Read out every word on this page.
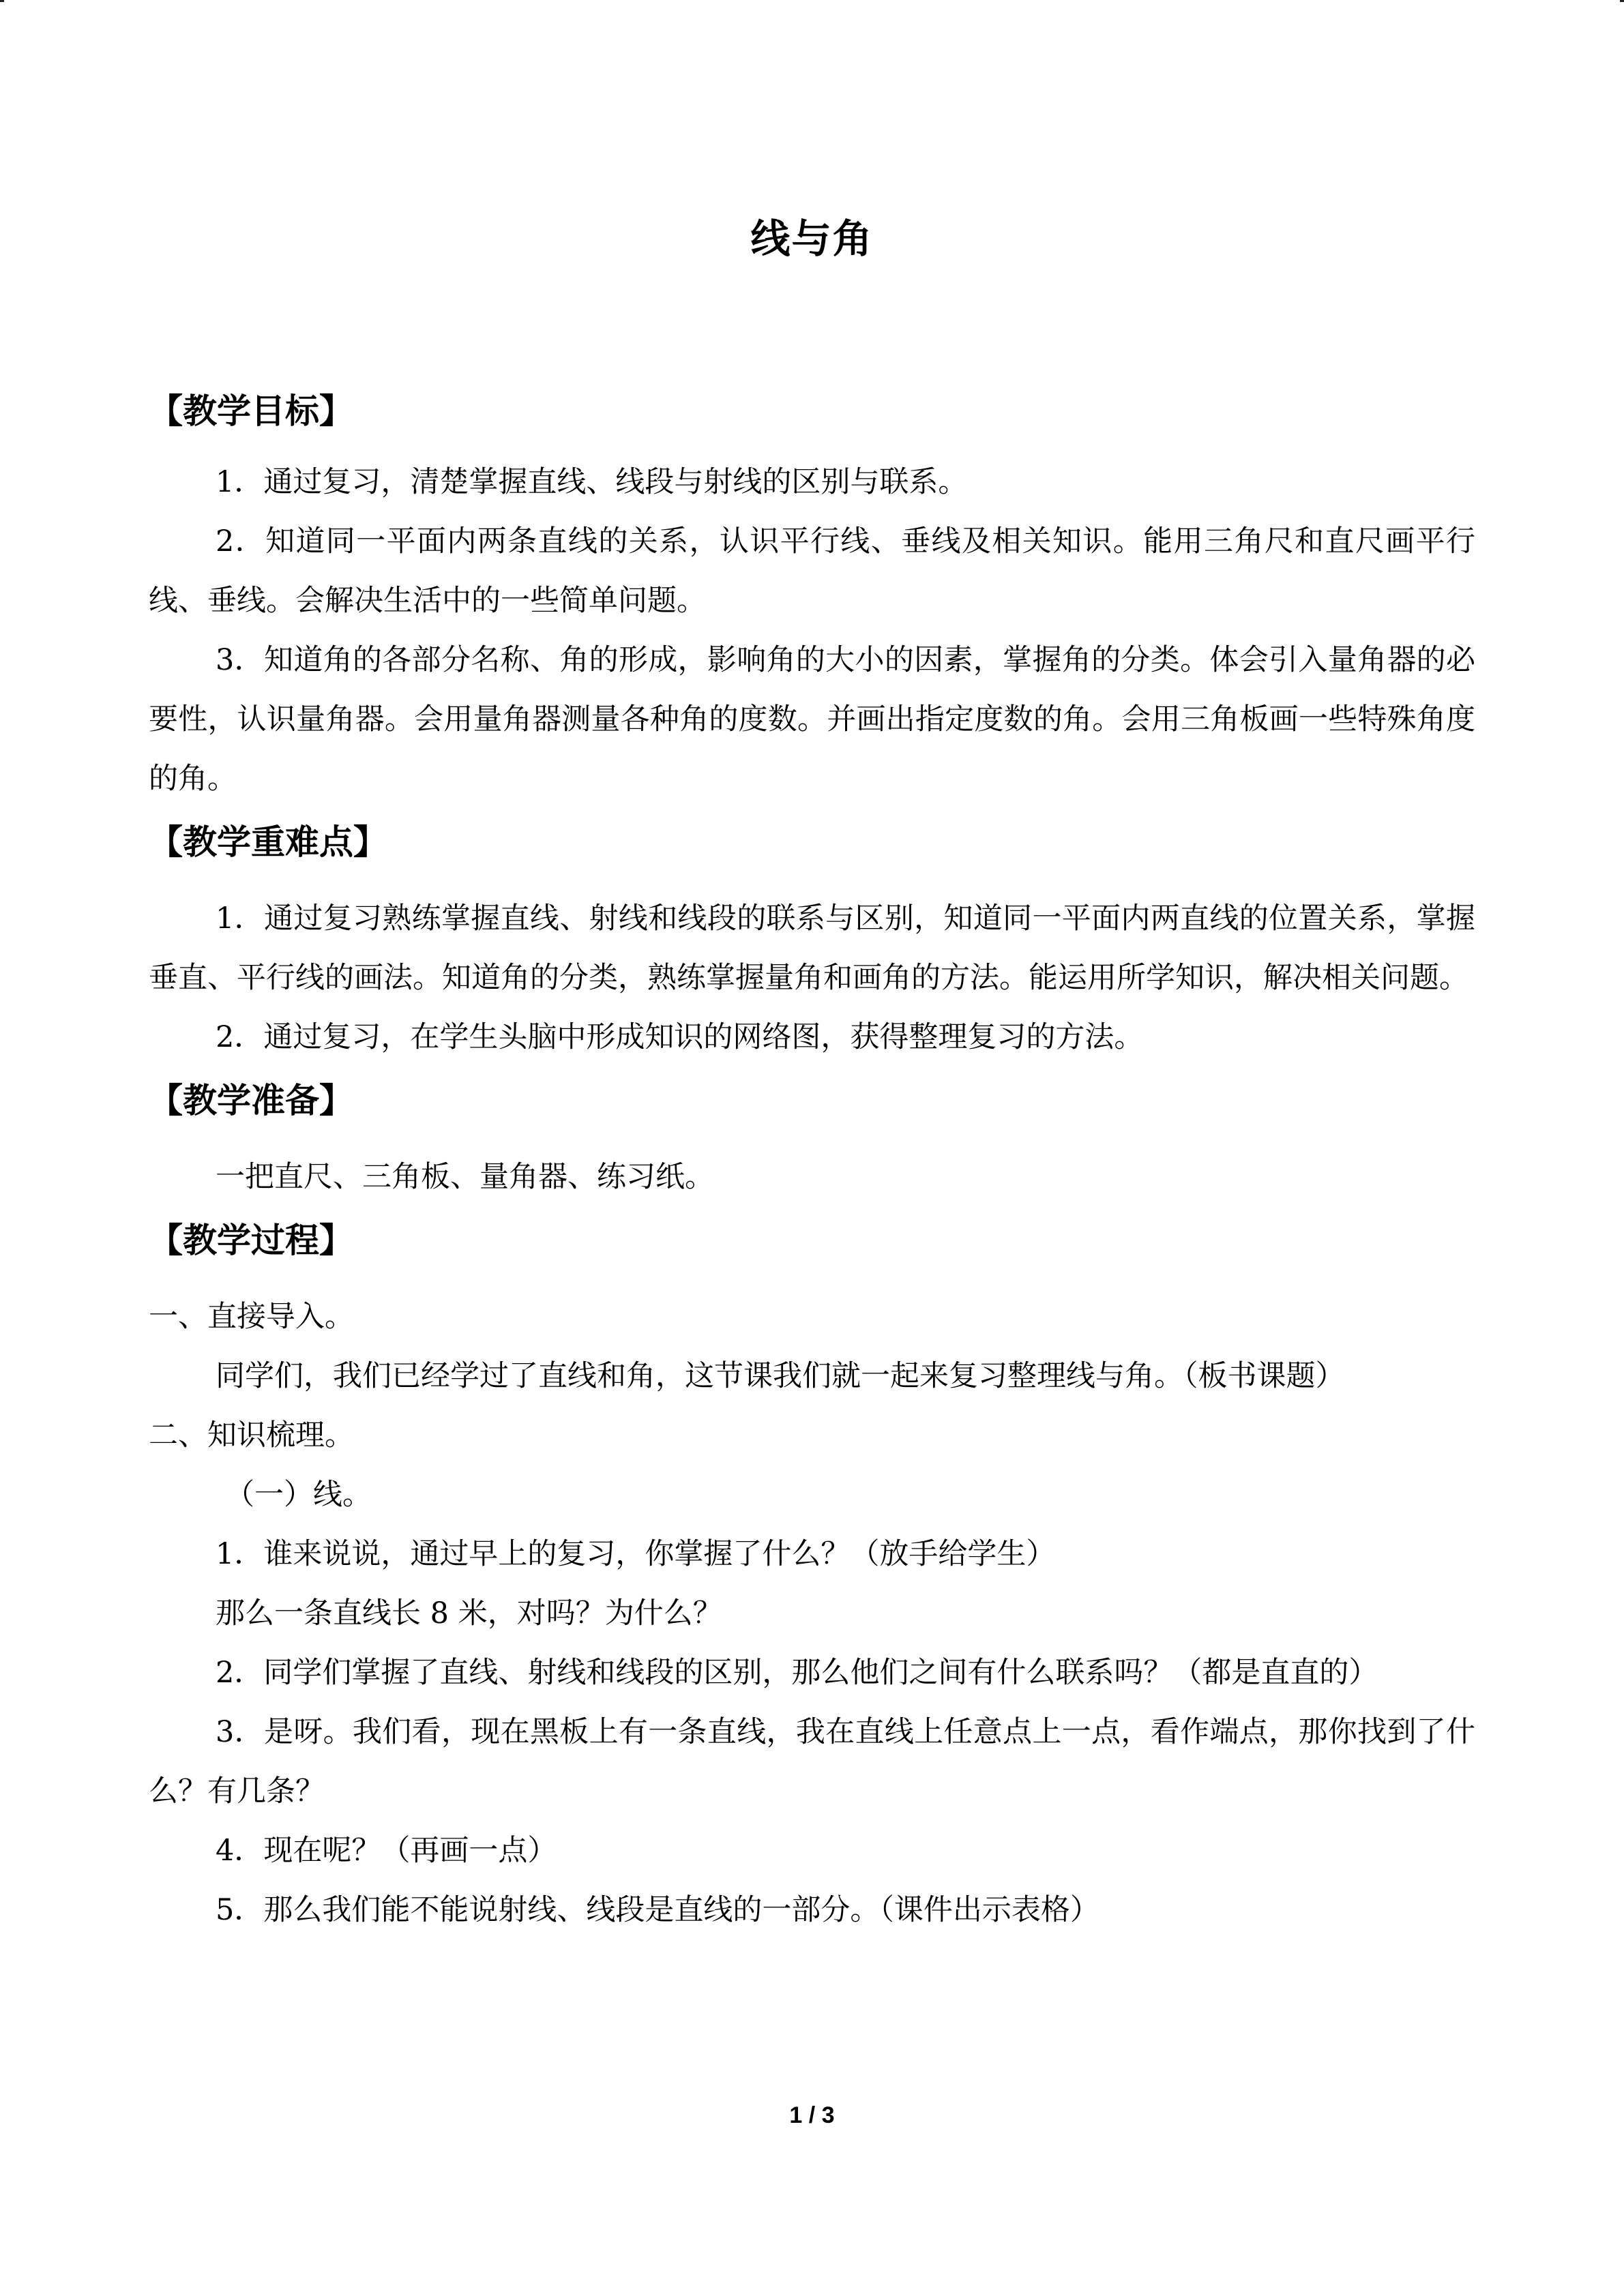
线与角
【教学目标】

1．通过复习，清楚掌握直线、线段与射线的区别与联系。

2．知道同一平面内两条直线的关系，认识平行线、垂线及相关知识。能用三角尺和直尺画平行线、垂线。会解决生活中的一些简单问题。

3．知道角的各部分名称、角的形成，影响角的大小的因素，掌握角的分类。体会引入量角器的必要性，认识量角器。会用量角器测量各种角的度数。并画出指定度数的角。会用三角板画一些特殊角度的角。

【教学重难点】

1．通过复习熟练掌握直线、射线和线段的联系与区别，知道同一平面内两直线的位置关系，掌握垂直、平行线的画法。知道角的分类，熟练掌握量角和画角的方法。能运用所学知识，解决相关问题。

2．通过复习，在学生头脑中形成知识的网络图，获得整理复习的方法。

【教学准备】

一把直尺、三角板、量角器、练习纸。

【教学过程】

一、直接导入。

同学们，我们已经学过了直线和角，这节课我们就一起来复习整理线与角。（板书课题）

二、知识梳理。

（一）线。

1．谁来说说，通过早上的复习，你掌握了什么？（放手给学生）

那么一条直线长 8 米，对吗？为什么？

2．同学们掌握了直线、射线和线段的区别，那么他们之间有什么联系吗？（都是直直的）

3．是呀。我们看，现在黑板上有一条直线，我在直线上任意点上一点，看作端点，那你找到了什么？有几条？

4．现在呢？（再画一点）

5．那么我们能不能说射线、线段是直线的一部分。（课件出示表格）

1 / 3
